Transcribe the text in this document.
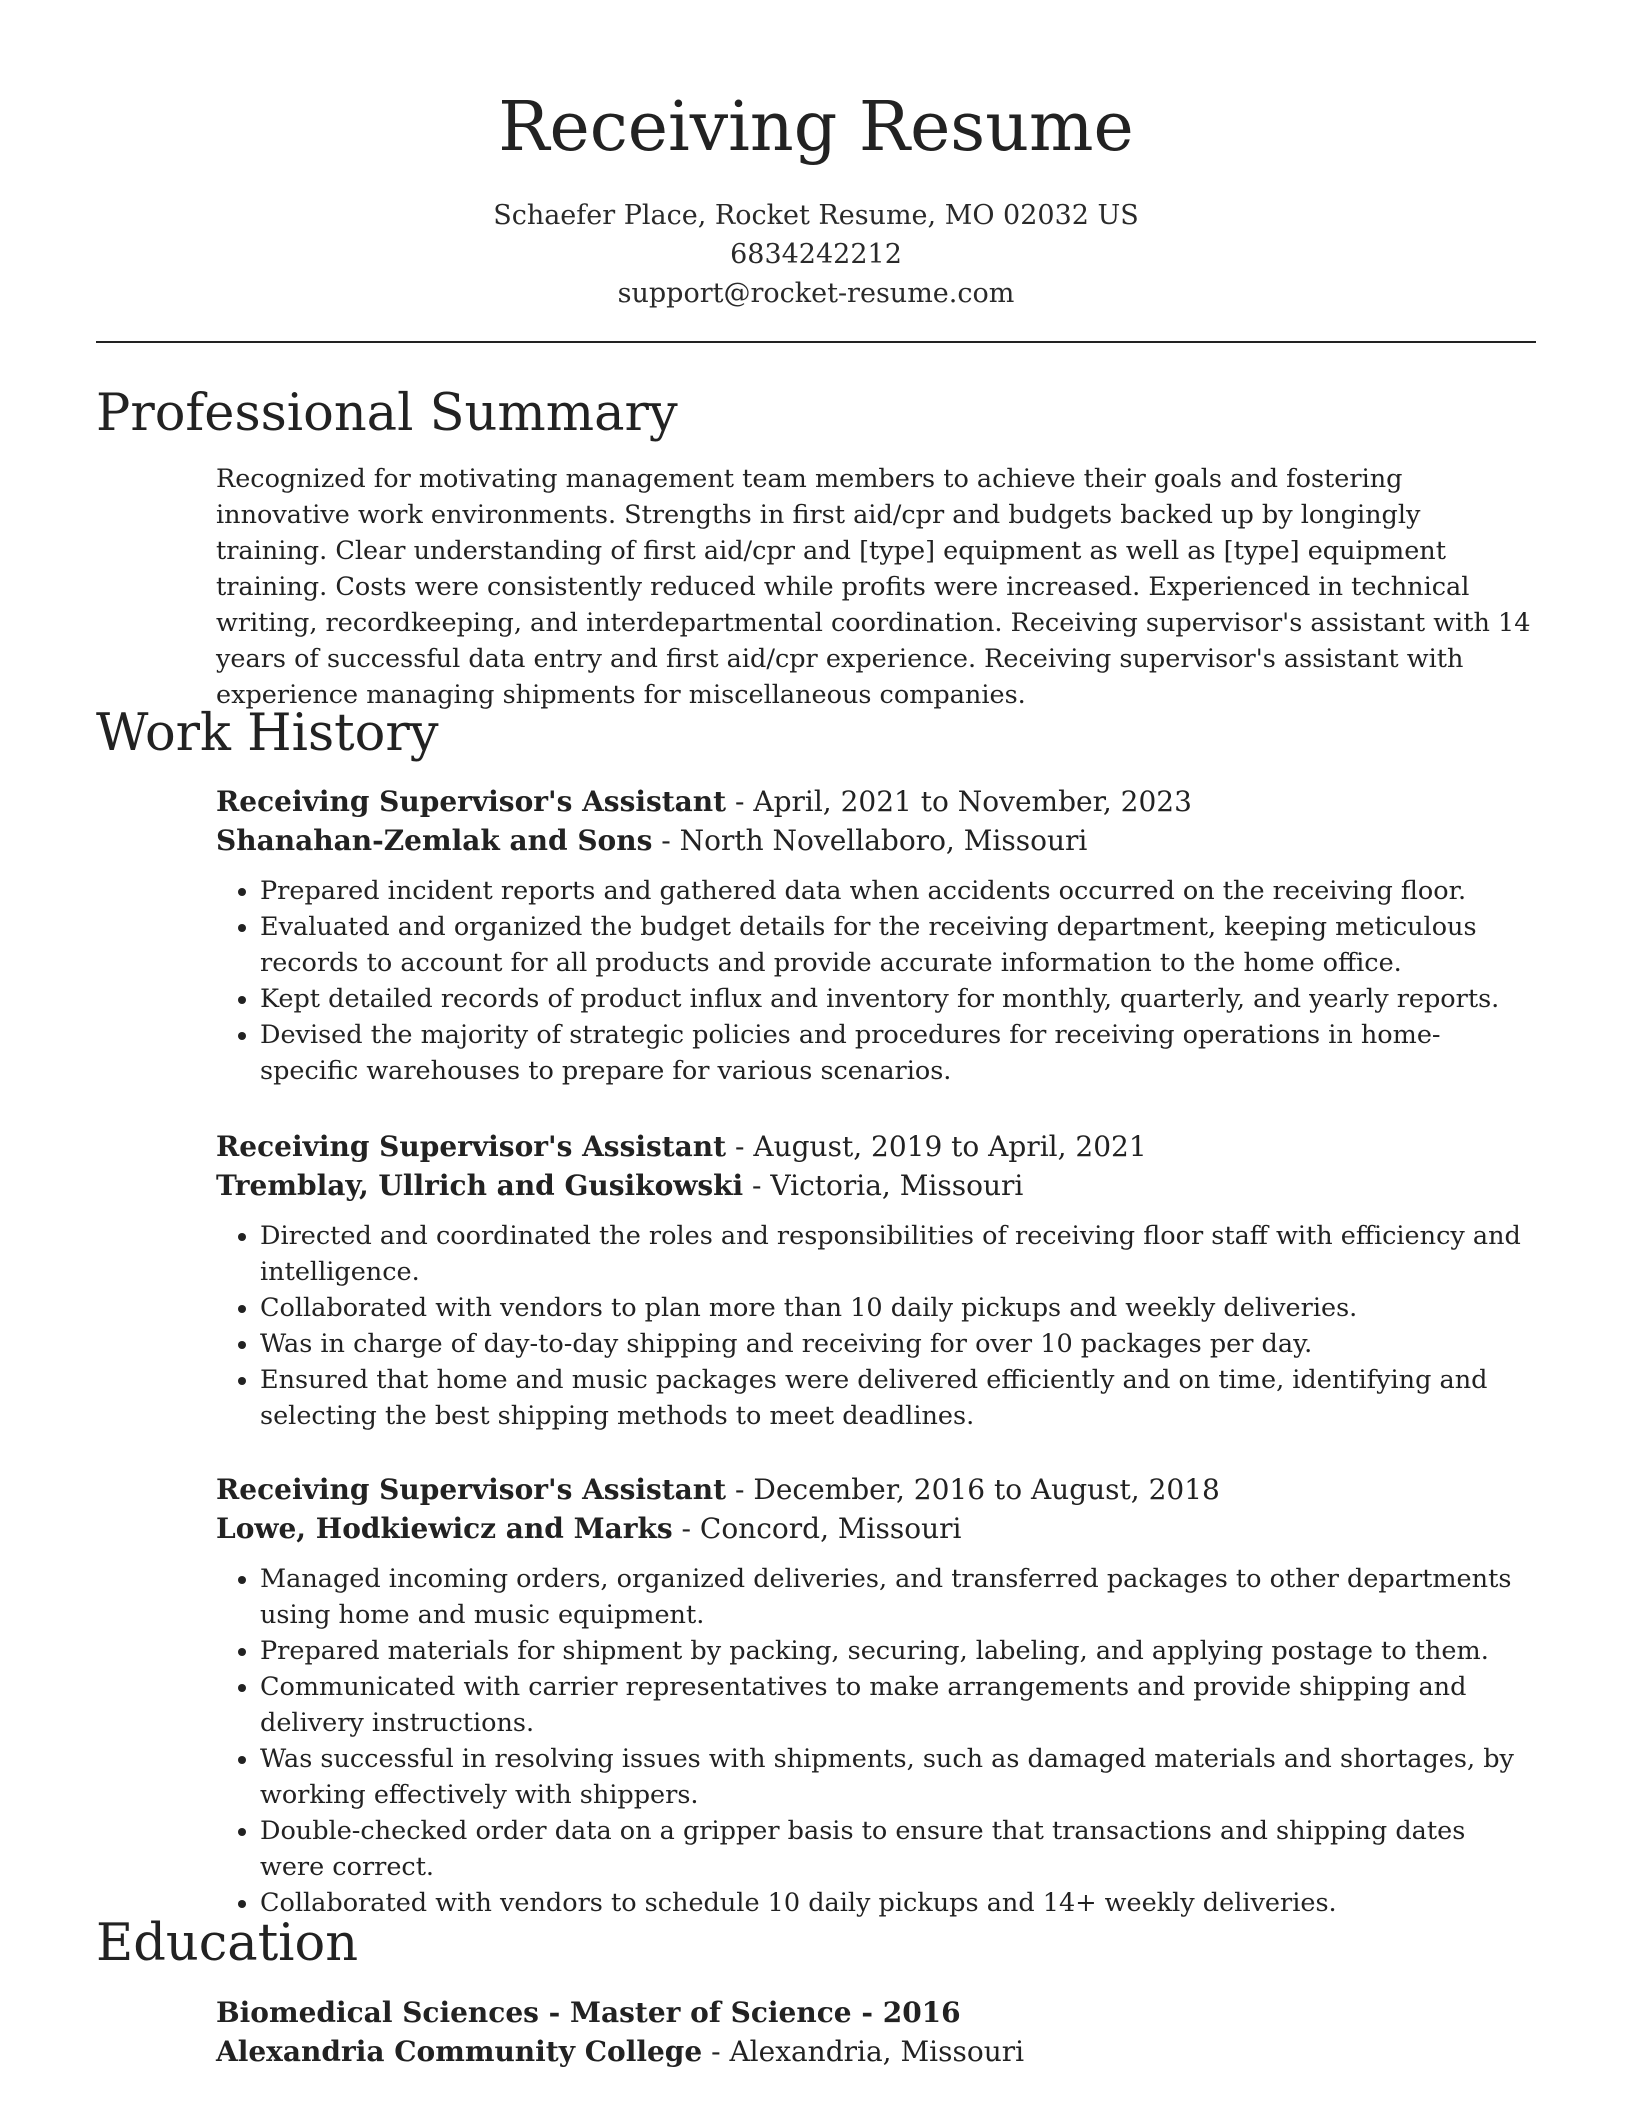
Receiving Resume
Schaefer Place, Rocket Resume, MO 02032 US
6834242212
support@rocket-resume.com
Professional Summary

Recognized for motivating management team members to achieve their goals and fostering innovative work environments. Strengths in first aid/cpr and budgets backed up by longingly training. Clear understanding of first aid/cpr and [type] equipment as well as [type] equipment training. Costs were consistently reduced while profits were increased. Experienced in technical writing, recordkeeping, and interdepartmental coordination. Receiving supervisor's assistant with 14 years of successful data entry and first aid/cpr experience. Receiving supervisor's assistant with experience managing shipments for miscellaneous companies.

Work History
Receiving Supervisor's Assistant - April, 2021 to November, 2023
Shanahan-Zemlak and Sons - North Novellaboro, Missouri
• Prepared incident reports and gathered data when accidents occurred on the receiving floor.
• Evaluated and organized the budget details for the receiving department, keeping meticulous records to account for all products and provide accurate information to the home office.
• Kept detailed records of product influx and inventory for monthly, quarterly, and yearly reports.
• Devised the majority of strategic policies and procedures for receiving operations in home-specific warehouses to prepare for various scenarios.
Receiving Supervisor's Assistant - August, 2019 to April, 2021
Tremblay, Ullrich and Gusikowski - Victoria, Missouri
• Directed and coordinated the roles and responsibilities of receiving floor staff with efficiency and intelligence.
• Collaborated with vendors to plan more than 10 daily pickups and weekly deliveries.
• Was in charge of day-to-day shipping and receiving for over 10 packages per day.
• Ensured that home and music packages were delivered efficiently and on time, identifying and selecting the best shipping methods to meet deadlines.
Receiving Supervisor's Assistant - December, 2016 to August, 2018
Lowe, Hodkiewicz and Marks - Concord, Missouri
• Managed incoming orders, organized deliveries, and transferred packages to other departments using home and music equipment.
• Prepared materials for shipment by packing, securing, labeling, and applying postage to them.
• Communicated with carrier representatives to make arrangements and provide shipping and delivery instructions.
• Was successful in resolving issues with shipments, such as damaged materials and shortages, by working effectively with shippers.
• Double-checked order data on a gripper basis to ensure that transactions and shipping dates were correct.
• Collaborated with vendors to schedule 10 daily pickups and 14+ weekly deliveries.
Education
Biomedical Sciences - Master of Science - 2016
Alexandria Community College - Alexandria, Missouri
